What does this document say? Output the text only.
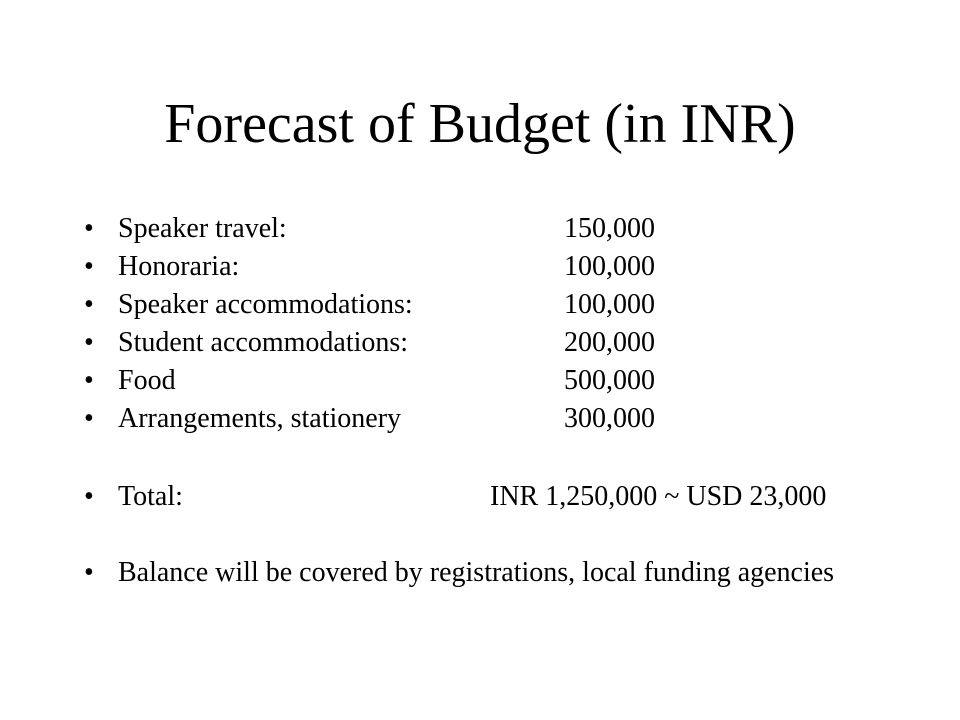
Forecast of Budget (in INR)
• Speaker travel:	150,000
• Honoraria:	100,000
• Speaker accommodations:	100,000
• Student accommodations:	200,000
• Food	500,000
• Arrangements, stationery	300,000
• Total:	INR 1,250,000 ~ USD 23,000
• Balance will be covered by registrations, local funding agencies
